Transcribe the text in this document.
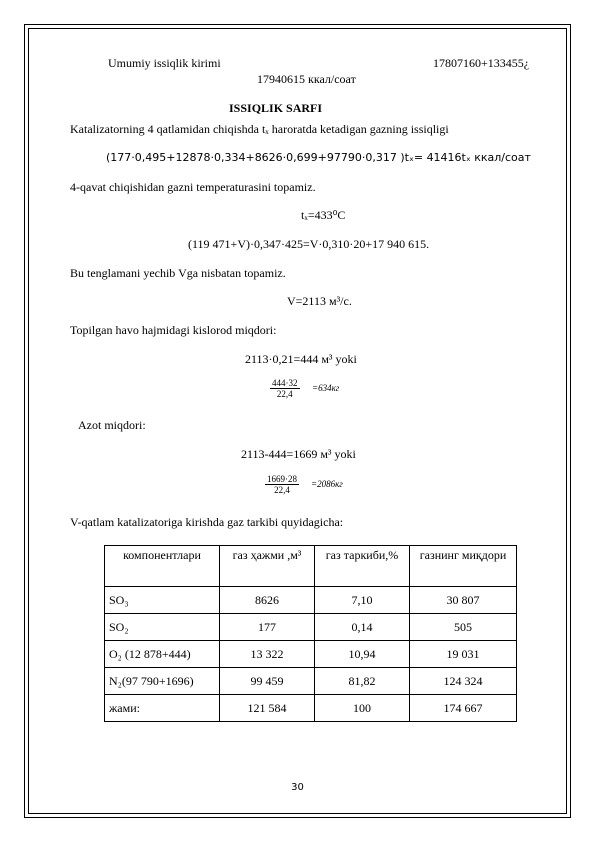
Umumiy issiqlik kirimi	17807160+133455¿
17940615 ккал/соат
ISSIQLIK SARFI
Katalizatorning 4 qatlamidan chiqishda tₓ haroratda ketadigan gazning issiqligi
(177·0,495+12878·0,334+8626·0,699+97790·0,317 )tₓ= 41416tₓ ккал/соат
4-qavat chiqishidan gazni temperaturasini topamiz.
tₓ=433⁰C
(119 471+V)·0,347·425=V·0,310·20+17 940 615.
Bu tenglamani yechib Vga nisbatan topamiz.
V=2113 м³/с.
Topilgan havo hajmidagi kislorod miqdori:
2113·0,21=444 м³ yoki
444·32
22,4
=634кг
Azot miqdori:
2113-444=1669 м³ yoki
1669·28
22,4
=2086кг
V-qatlam katalizatoriga kirishda gaz tarkibi quyidagicha:
компонентлари	газ ҳажми ,м³	газ таркиби,%	газнинг миқдори
SO₃	8626	7,10	30 807
SO₂	177	0,14	505
O₂ (12 878+444)	13 322	10,94	19 031
N₂(97 790+1696)	99 459	81,82	124 324
жами:	121 584	100	174 667
30
